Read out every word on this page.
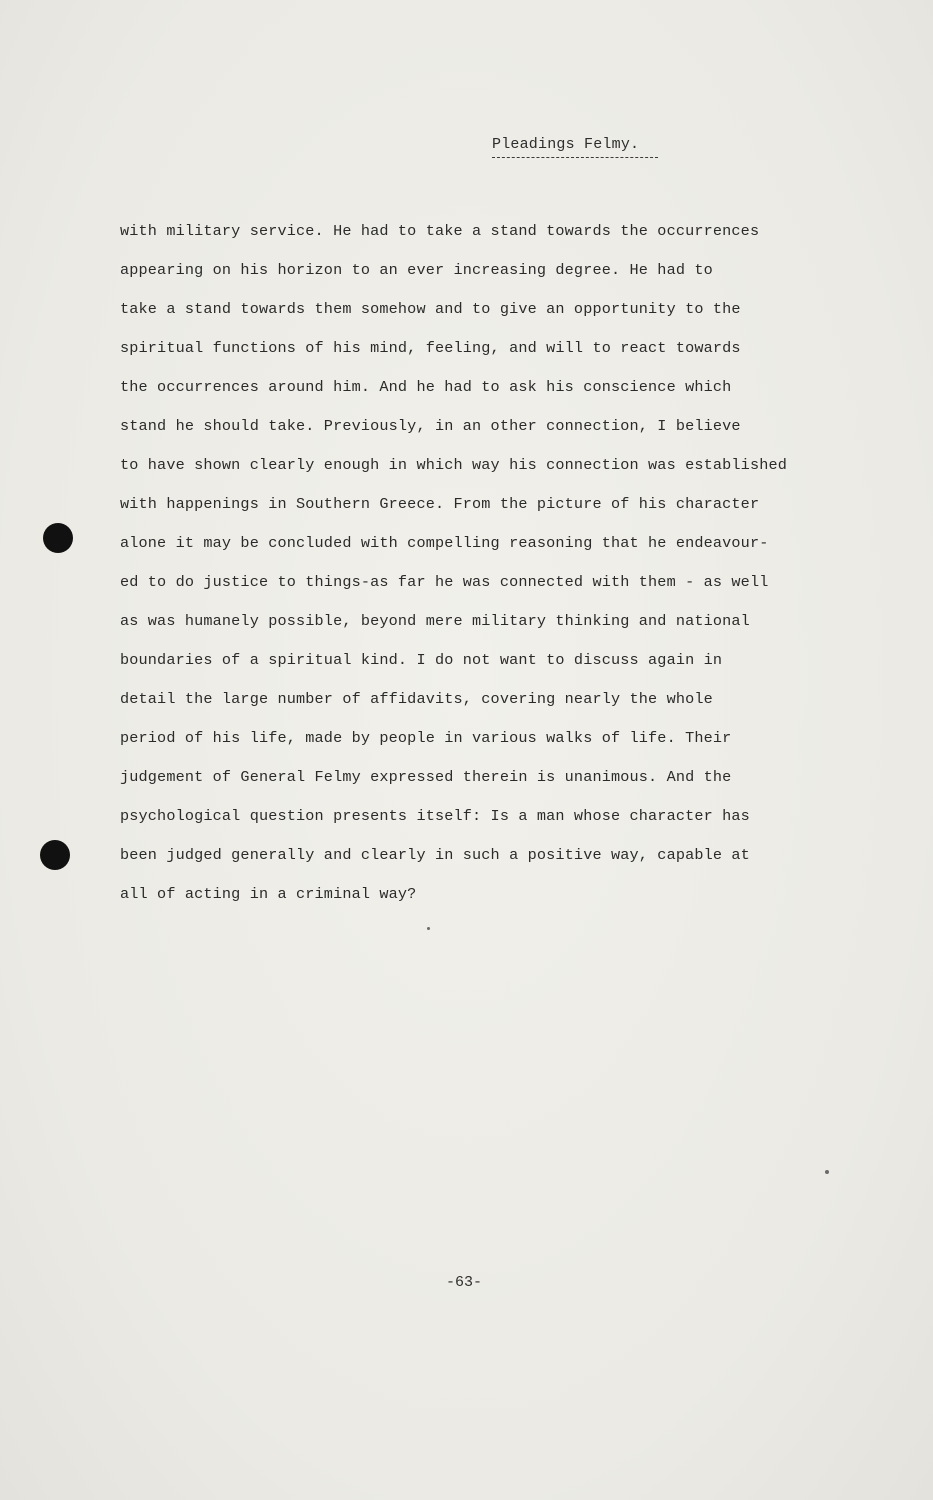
Pleadings Felmy.
with military service. He had to take a stand towards the occurrences
appearing on his horizon to an ever increasing degree. He had to
take a stand towards them somehow and to give an opportunity to the
spiritual functions of his mind, feeling, and will to react towards
the occurrences around him. And he had to ask his conscience which
stand he should take. Previously, in an other connection, I believe
to have shown clearly enough in which way his connection was established
with happenings in Southern Greece. From the picture of his character
alone it may be concluded with compelling reasoning that he endeavour-
ed to do justice to things-as far he was connected with them - as well
as was humanely possible, beyond mere military thinking and national
boundaries of a spiritual kind. I do not want to discuss again in
detail the large number of affidavits, covering nearly the whole
period of his life, made by people in various walks of life. Their
judgement of General Felmy expressed therein is unanimous. And the
psychological question presents itself: Is a man whose character has
been judged generally and clearly in such a positive way, capable at
all of acting in a criminal way?
-63-
